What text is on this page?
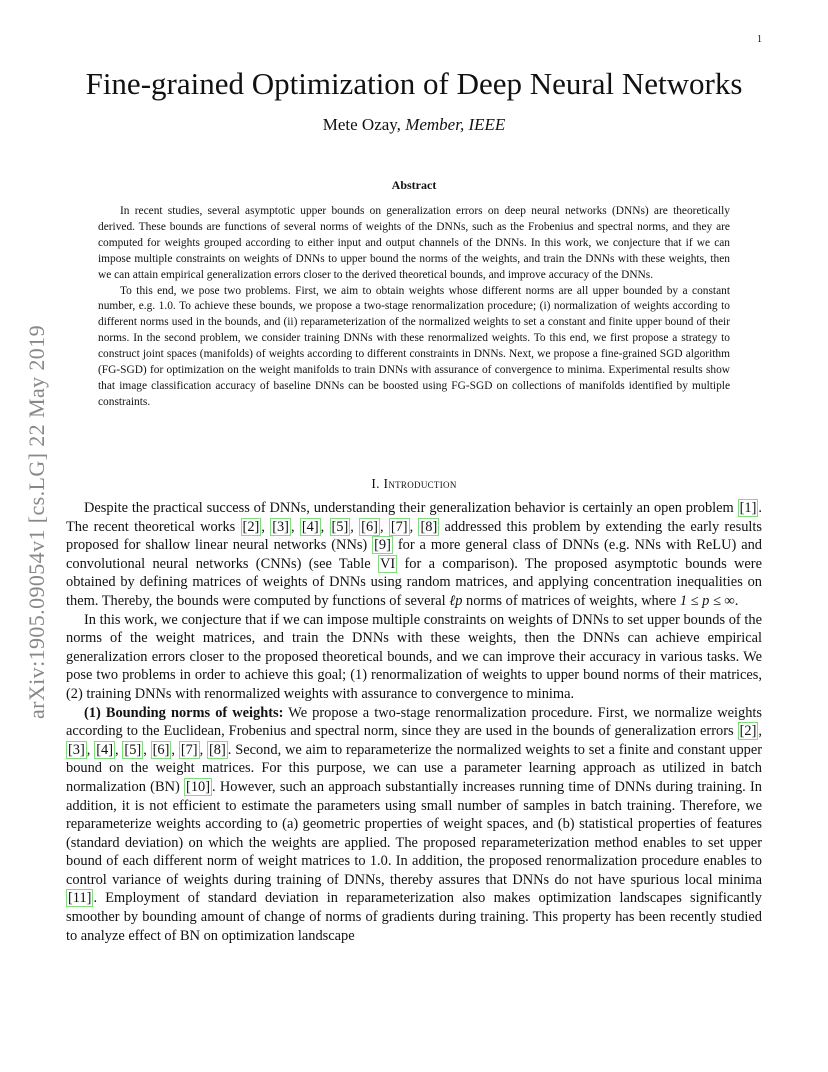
1
arXiv:1905.09054v1 [cs.LG] 22 May 2019
Fine-grained Optimization of Deep Neural Networks
Mete Ozay, Member, IEEE
Abstract

In recent studies, several asymptotic upper bounds on generalization errors on deep neural networks (DNNs) are theoretically derived. These bounds are functions of several norms of weights of the DNNs, such as the Frobenius and spectral norms, and they are computed for weights grouped according to either input and output channels of the DNNs. In this work, we conjecture that if we can impose multiple constraints on weights of DNNs to upper bound the norms of the weights, and train the DNNs with these weights, then we can attain empirical generalization errors closer to the derived theoretical bounds, and improve accuracy of the DNNs.

To this end, we pose two problems. First, we aim to obtain weights whose different norms are all upper bounded by a constant number, e.g. 1.0. To achieve these bounds, we propose a two-stage renormalization procedure; (i) normalization of weights according to different norms used in the bounds, and (ii) reparameterization of the normalized weights to set a constant and finite upper bound of their norms. In the second problem, we consider training DNNs with these renormalized weights. To this end, we first propose a strategy to construct joint spaces (manifolds) of weights according to different constraints in DNNs. Next, we propose a fine-grained SGD algorithm (FG-SGD) for optimization on the weight manifolds to train DNNs with assurance of convergence to minima. Experimental results show that image classification accuracy of baseline DNNs can be boosted using FG-SGD on collections of manifolds identified by multiple constraints.

I. Introduction

Despite the practical success of DNNs, understanding their generalization behavior is certainly an open problem [1] . The recent theoretical works [2] , [3] , [4] , [5] , [6] , [7] , [8] addressed this problem by extending the early results proposed for shallow linear neural networks (NNs) [9] for a more general class of DNNs (e.g. NNs with ReLU) and convolutional neural networks (CNNs) (see Table VI for a comparison). The proposed asymptotic bounds were obtained by defining matrices of weights of DNNs using random matrices, and applying concentration inequalities on them. Thereby, the bounds were computed by functions of several ℓp norms of matrices of weights, where 1 ≤ p ≤ ∞.

In this work, we conjecture that if we can impose multiple constraints on weights of DNNs to set upper bounds of the norms of the weight matrices, and train the DNNs with these weights, then the DNNs can achieve empirical generalization errors closer to the proposed theoretical bounds, and we can improve their accuracy in various tasks. We pose two problems in order to achieve this goal; (1) renormalization of weights to upper bound norms of their matrices, (2) training DNNs with renormalized weights with assurance to convergence to minima.

(1) Bounding norms of weights: We propose a two-stage renormalization procedure. First, we normalize weights according to the Euclidean, Frobenius and spectral norm, since they are used in the bounds of generalization errors [2] , [3] , [4] , [5] , [6] , [7] , [8] . Second, we aim to reparameterize the normalized weights to set a finite and constant upper bound on the weight matrices. For this purpose, we can use a parameter learning approach as utilized in batch normalization (BN) [10] . However, such an approach substantially increases running time of DNNs during training. In addition, it is not efficient to estimate the parameters using small number of samples in batch training. Therefore, we reparameterize weights according to (a) geometric properties of weight spaces, and (b) statistical properties of features (standard deviation) on which the weights are applied. The proposed reparameterization method enables to set upper bound of each different norm of weight matrices to 1.0. In addition, the proposed renormalization procedure enables to control variance of weights during training of DNNs, thereby assures that DNNs do not have spurious local minima [11] . Employment of standard deviation in reparameterization also makes optimization landscapes significantly smoother by bounding amount of change of norms of gradients during training. This property has been recently studied to analyze effect of BN on optimization landscape
